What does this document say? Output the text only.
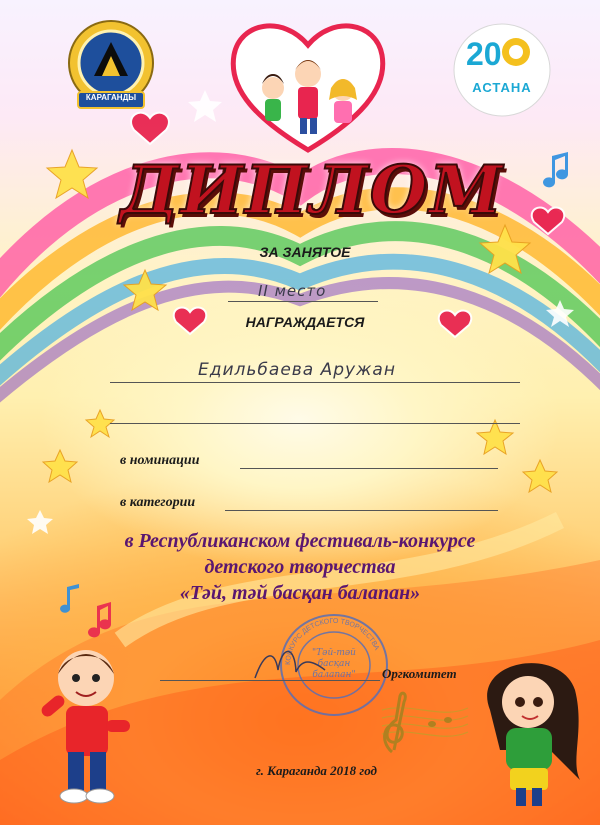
КАРАГАНДЫ
20
АСТАНА
ДИПЛОМ
ЗА ЗАНЯТОЕ
II место
НАГРАЖДАЕТСЯ
Едильбаева Аружан
в номинации
в категории
в Республиканском фестиваль-конкурсе
детского творчества
«Тәй, тәй басқан балапан»
КОНКУРС ДЕТСКОГО ТВОРЧЕСТВА
"Тәй-тәй басқан балапан"	Оргкомитет
г. Караганда 2018 год
